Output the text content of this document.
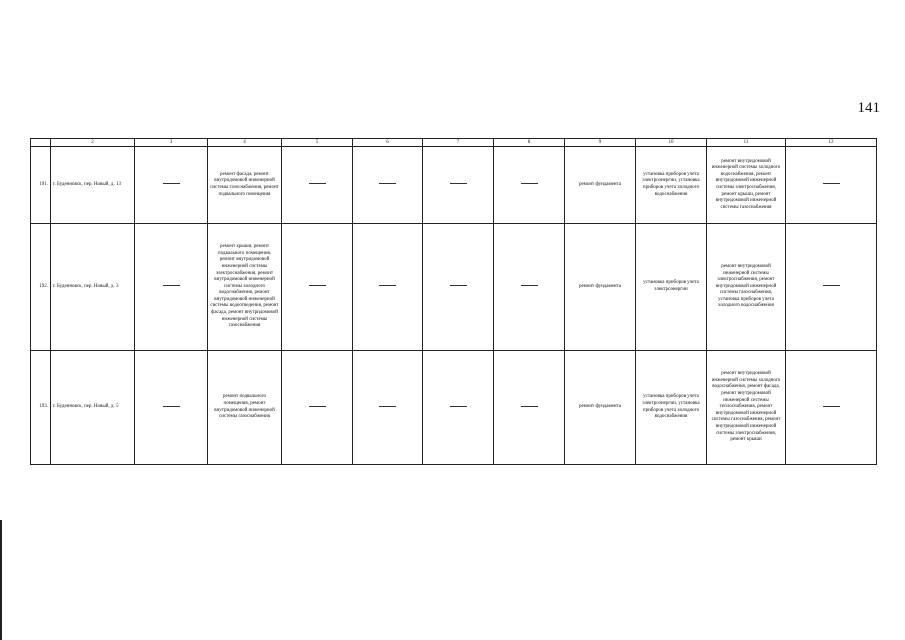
141
	2	3	4	5	6	7	8	9	10	11	12
191.	г. Буденновск, пер. Новый, д. 13		ремонт фасада, ремонт внутридомовой инженерной системы газоснабжения, ремонт подвального помещения					ремонт фундамента	установка приборов учета электроэнергии, установка приборов учета холодного водоснабжения	ремонт внутридомовой инженерной системы холодного водоснабжения, ремонт внутридомовой инженерной системы электроснабжения, ремонт крыши, ремонт внутридомовой инженерной системы газоснабжения	
192.	г. Буденновск, пер. Новый, д. 3		ремонт крыши, ремонт подвального помещения, ремонт внутридомовой инженерной системы электроснабжения, ремонт внутридомовой инженерной системы холодного водоснабжения, ремонт внутридомовой инженерной системы водоотведения, ремонт фасада, ремонт внутридомовой инженерной системы газоснабжения					ремонт фундамента	установка приборов учета электроэнергии	ремонт внутридомовой инженерной системы электроснабжения, ремонт внутридомовой инженерной системы газоснабжения, установка приборов учета холодного водоснабжения	
193.	г. Буденновск, пер. Новый, д. 5		ремонт подвального помещения, ремонт внутридомовой инженерной системы газоснабжения					ремонт фундамента	установка приборов учета электроэнергии, установка приборов учета холодного водоснабжения	ремонт внутридомовой инженерной системы холодного водоснабжения, ремонт фасада, ремонт внутридомовой инженерной системы теплоснабжения, ремонт внутридомовой инженерной системы газоснабжения, ремонт внутридомовой инженерной системы электроснабжения, ремонт крыши	
